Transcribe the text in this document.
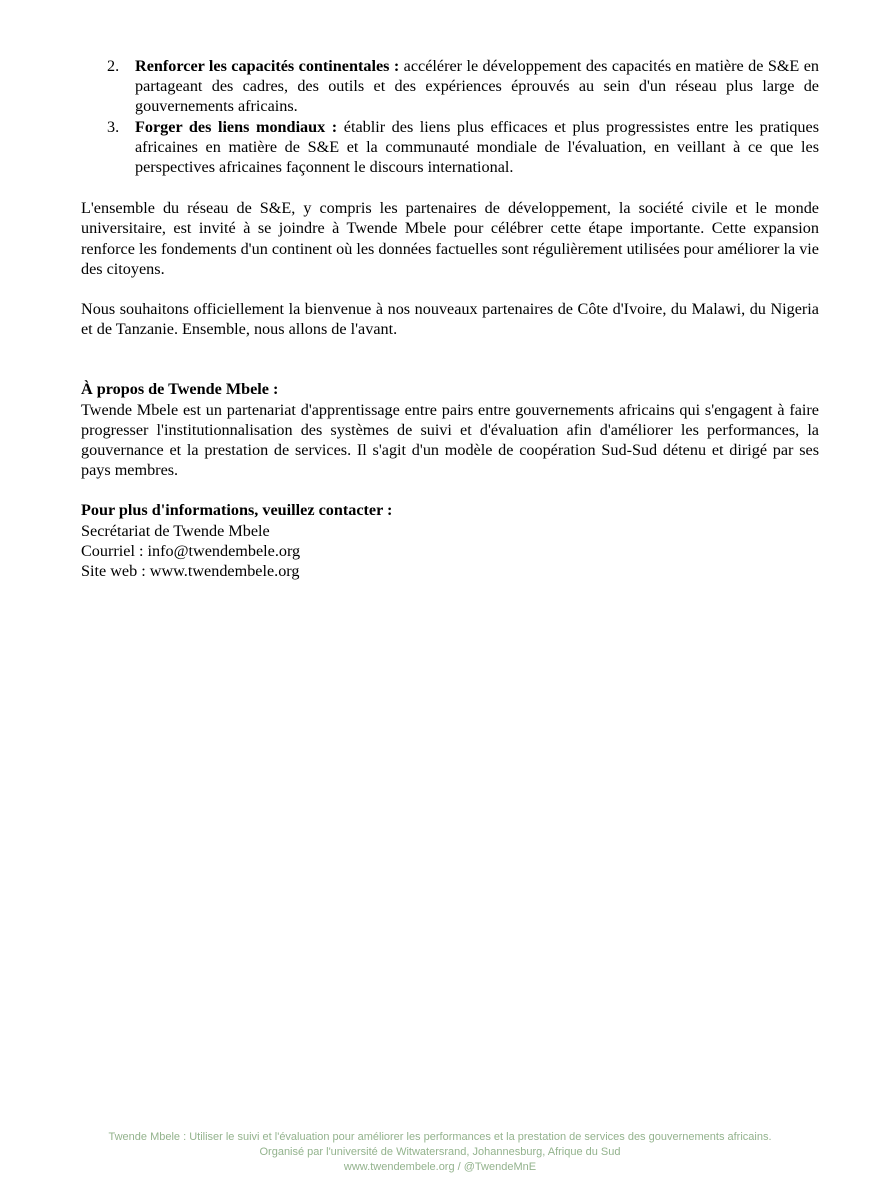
2. Renforcer les capacités continentales : accélérer le développement des capacités en matière de S&E en partageant des cadres, des outils et des expériences éprouvés au sein d'un réseau plus large de gouvernements africains.
3. Forger des liens mondiaux : établir des liens plus efficaces et plus progressistes entre les pratiques africaines en matière de S&E et la communauté mondiale de l'évaluation, en veillant à ce que les perspectives africaines façonnent le discours international.

L'ensemble du réseau de S&E, y compris les partenaires de développement, la société civile et le monde universitaire, est invité à se joindre à Twende Mbele pour célébrer cette étape importante. Cette expansion renforce les fondements d'un continent où les données factuelles sont régulièrement utilisées pour améliorer la vie des citoyens.

Nous souhaitons officiellement la bienvenue à nos nouveaux partenaires de Côte d'Ivoire, du Malawi, du Nigeria et de Tanzanie. Ensemble, nous allons de l'avant.

À propos de Twende Mbele :

Twende Mbele est un partenariat d'apprentissage entre pairs entre gouvernements africains qui s'engagent à faire progresser l'institutionnalisation des systèmes de suivi et d'évaluation afin d'améliorer les performances, la gouvernance et la prestation de services. Il s'agit d'un modèle de coopération Sud-Sud détenu et dirigé par ses pays membres.

Pour plus d'informations, veuillez contacter :
Secrétariat de Twende Mbele
Courriel : info@twendembele.org
Site web : www.twendembele.org
Twende Mbele : Utiliser le suivi et l'évaluation pour améliorer les performances et la prestation de services des gouvernements africains.
Organisé par l'université de Witwatersrand, Johannesburg, Afrique du Sud
www.twendembele.org / @TwendeMnE
